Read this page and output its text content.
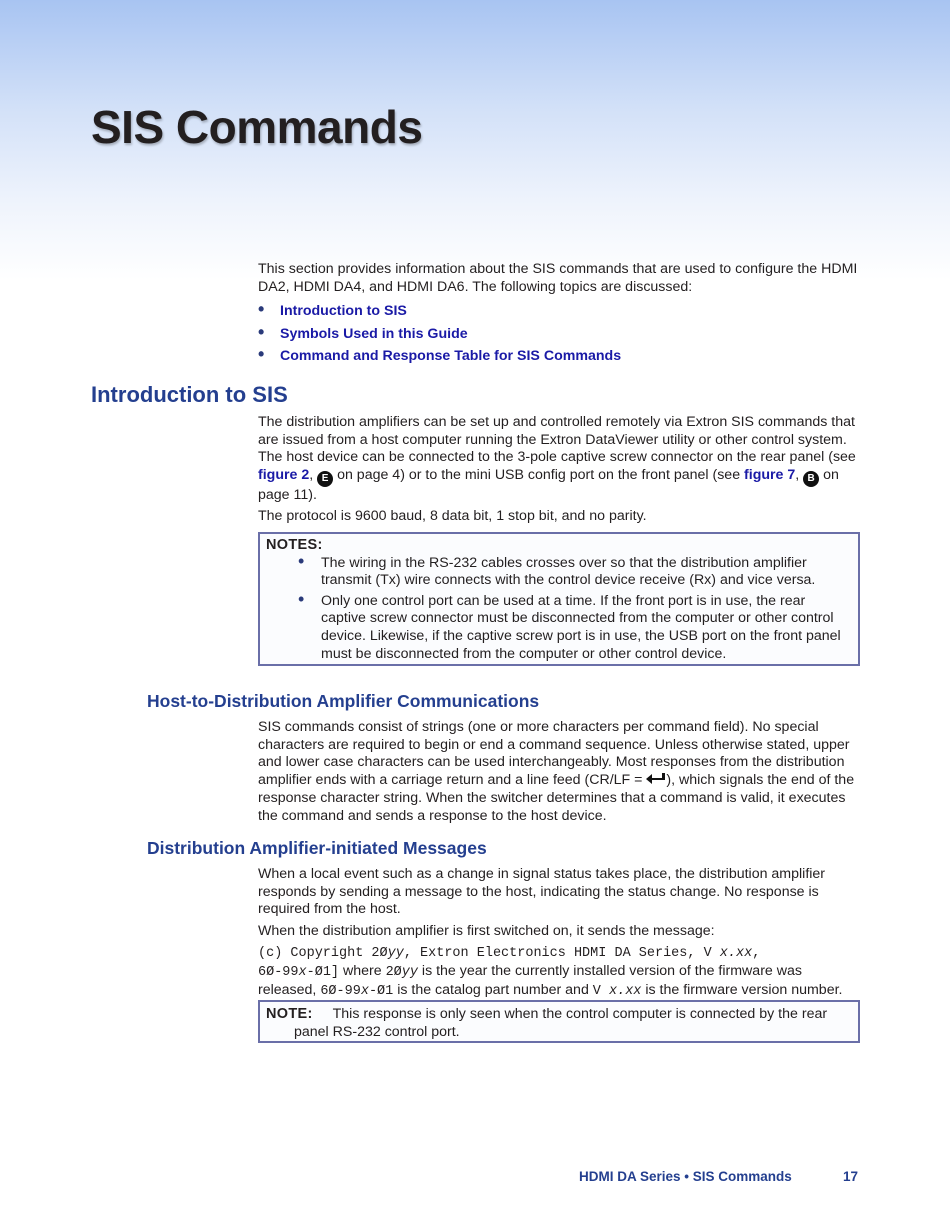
SIS Commands

This section provides information about the SIS commands that are used to configure the HDMI DA2, HDMI DA4, and HDMI DA6. The following topics are discussed:

• Introduction to SIS
• Symbols Used in this Guide
• Command and Response Table for SIS Commands
Introduction to SIS

The distribution amplifiers can be set up and controlled remotely via Extron SIS commands that are issued from a host computer running the Extron DataViewer utility or other control system. The host device can be connected to the 3-pole captive screw connector on the rear panel (see figure 2, E on page 4) or to the mini USB config port on the front panel (see figure 7, B on page 11).

The protocol is 9600 baud, 8 data bit, 1 stop bit, and no parity.

NOTES:
• The wiring in the RS-232 cables crosses over so that the distribution amplifier transmit (Tx) wire connects with the control device receive (Rx) and vice versa.
• Only one control port can be used at a time. If the front port is in use, the rear captive screw connector must be disconnected from the computer or other control device. Likewise, if the captive screw port is in use, the USB port on the front panel must be disconnected from the computer or other control device.
Host-to-Distribution Amplifier Communications

SIS commands consist of strings (one or more characters per command field). No special characters are required to begin or end a command sequence. Unless otherwise stated, upper and lower case characters can be used interchangeably. Most responses from the distribution amplifier ends with a carriage return and a line feed (CR/LF = ), which signals the end of the response character string. When the switcher determines that a command is valid, it executes the command and sends a response to the host device.

Distribution Amplifier-initiated Messages

When a local event such as a change in signal status takes place, the distribution amplifier responds by sending a message to the host, indicating the status change. No response is required from the host.

When the distribution amplifier is first switched on, it sends the message:

(c) Copyright 2Øyy, Extron Electronics HDMI DA Series, V x.xx,
6Ø-99x-Ø1] where 2Øyy is the year the currently installed version of the firmware was released, 6Ø-99x-Ø1 is the catalog part number and V x.xx is the firmware version number.

NOTE: This response is only seen when the control computer is connected by the rear panel RS-232 control port.
HDMI DA Series • SIS Commands	17
